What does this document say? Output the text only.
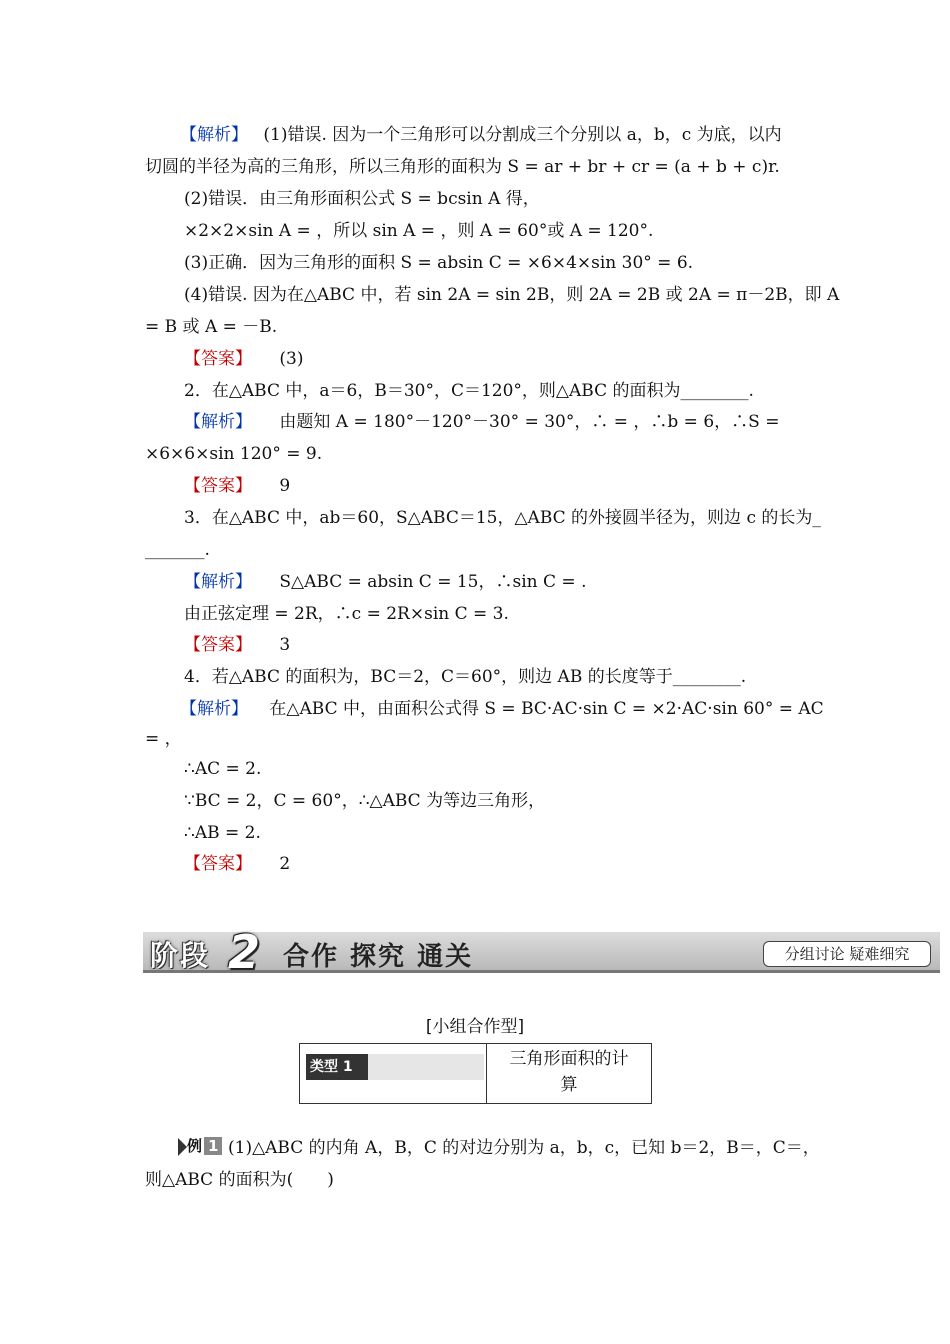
【解析】 (1)错误. 因为一个三角形可以分割成三个分别以 a，b，c 为底，以内
切圆的半径为高的三角形，所以三角形的面积为 S = ar + br + cr = (a + b + c)r.
(2)错误．由三角形面积公式 S = bcsin A 得，
×2×2×sin A = ，所以 sin A = ，则 A = 60°或 A = 120°.
(3)正确．因为三角形的面积 S = absin C = ×6×4×sin 30° = 6.
(4)错误. 因为在△ABC 中，若 sin 2A = sin 2B，则 2A = 2B 或 2A = π－2B，即 A
= B 或 A = －B.
【答案】 (3)
2．在△ABC 中，a＝6，B＝30°，C＝120°，则△ABC 的面积为________.
【解析】 由题知 A = 180°－120°－30° = 30°，∴ = ，∴b = 6，∴S =
×6×6×sin 120° = 9.
【答案】 9
3．在△ABC 中，ab＝60，S△ABC＝15，△ABC 的外接圆半径为，则边 c 的长为_
_______.
【解析】 S△ABC = absin C = 15，∴sin C = .
由正弦定理 = 2R，∴c = 2R×sin C = 3.
【答案】 3
4．若△ABC 的面积为，BC＝2，C＝60°，则边 AB 的长度等于________.
【解析】 在△ABC 中，由面积公式得 S = BC·AC·sin C = ×2·AC·sin 60° = AC
= ，
∴AC = 2.
∵BC = 2，C = 60°，∴△ABC 为等边三角形，
∴AB = 2.
【答案】 2
阶段 2 合作 探究 通关	分组讨论 疑难细究
[小组合作型]
类型 1	三角形面积的计
算
例 1 (1)△ABC 的内角 A，B，C 的对边分别为 a，b，c，已知 b＝2，B＝，C＝，
则△ABC 的面积为(　　)
